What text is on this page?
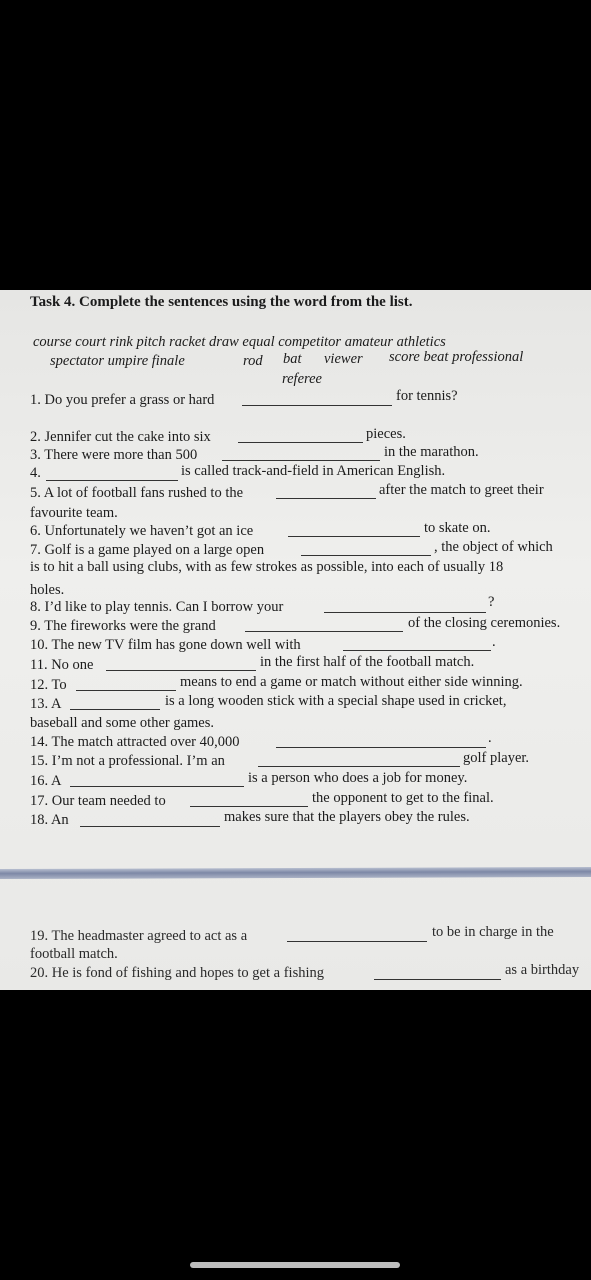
Task 4. Complete the sentences using the word from the list.
course court rink pitch racket draw equal competitor amateur athletics
spectator umpire finale	rod bat viewer score beat professional
referee
1. Do you prefer a grass or hard	for tennis?
2. Jennifer cut the cake into six	pieces.
3. There were more than 500	in the marathon.
4.	is called track-and-field in American English.
5. A lot of football fans rushed to the	after the match to greet their
favourite team.
6. Unfortunately we haven’t got an ice	to skate on.
7. Golf is a game played on a large open	, the object of which
is to hit a ball using clubs, with as few strokes as possible, into each of usually 18
holes.
8. I’d like to play tennis. Can I borrow your	?
9. The fireworks were the grand	of the closing ceremonies.
10. The new TV film has gone down well with	.
11. No one	in the first half of the football match.
12. To	means to end a game or match without either side winning.
13. A	is a long wooden stick with a special shape used in cricket,
baseball and some other games.
14. The match attracted over 40,000	.
15. I’m not a professional. I’m an	golf player.
16. A	is a person who does a job for money.
17. Our team needed to	the opponent to get to the final.
18. An	makes sure that the players obey the rules.
19. The headmaster agreed to act as a	to be in charge in the
football match.
20. He is fond of fishing and hopes to get a fishing	as a birthday
